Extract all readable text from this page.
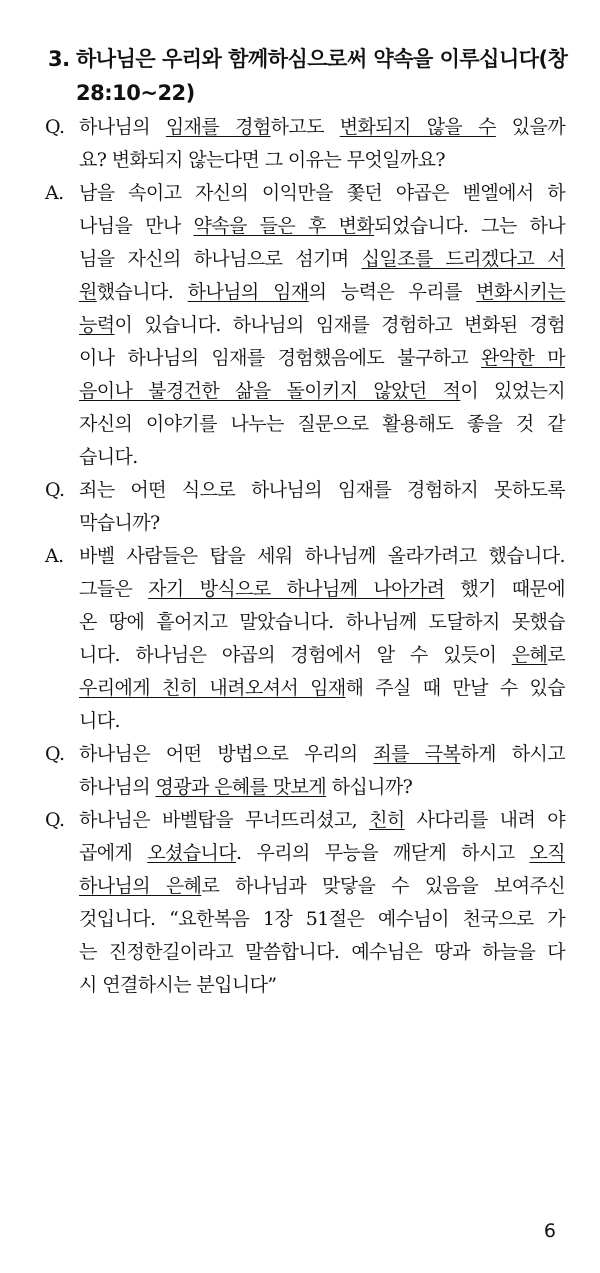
3. 하나님은 우리와 함께하심으로써 약속을 이루십니다(창
28:10~22)
Q. 하나님의 임재를 경험하고도 변화되지 않을 수 있을까
요? 변화되지 않는다면 그 이유는 무엇일까요?
A. 남을 속이고 자신의 이익만을 쫓던 야곱은 벧엘에서 하
나님을 만나 약속을 들은 후 변화되었습니다. 그는 하나
님을 자신의 하나님으로 섬기며 십일조를 드리겠다고 서
원했습니다. 하나님의 임재의 능력은 우리를 변화시키는
능력이 있습니다. 하나님의 임재를 경험하고 변화된 경험
이나 하나님의 임재를 경험했음에도 불구하고 완악한 마
음이나 불경건한 삶을 돌이키지 않았던 적이 있었는지
자신의 이야기를 나누는 질문으로 활용해도 좋을 것 같
습니다.
Q. 죄는 어떤 식으로 하나님의 임재를 경험하지 못하도록
막습니까?
A. 바벨 사람들은 탑을 세워 하나님께 올라가려고 했습니다.
그들은 자기 방식으로 하나님께 나아가려 했기 때문에
온 땅에 흩어지고 말았습니다. 하나님께 도달하지 못했습
니다. 하나님은 야곱의 경험에서 알 수 있듯이 은혜로
우리에게 친히 내려오셔서 임재해 주실 때 만날 수 있습
니다.
Q. 하나님은 어떤 방법으로 우리의 죄를 극복하게 하시고
하나님의 영광과 은혜를 맛보게 하십니까?
Q. 하나님은 바벨탑을 무너뜨리셨고, 친히 사다리를 내려 야
곱에게 오셨습니다. 우리의 무능을 깨닫게 하시고 오직
하나님의 은혜로 하나님과 맞닿을 수 있음을 보여주신
것입니다. “요한복음 1장 51절은 예수님이 천국으로 가
는 진정한길이라고 말씀합니다. 예수님은 땅과 하늘을 다
시 연결하시는 분입니다”
6
